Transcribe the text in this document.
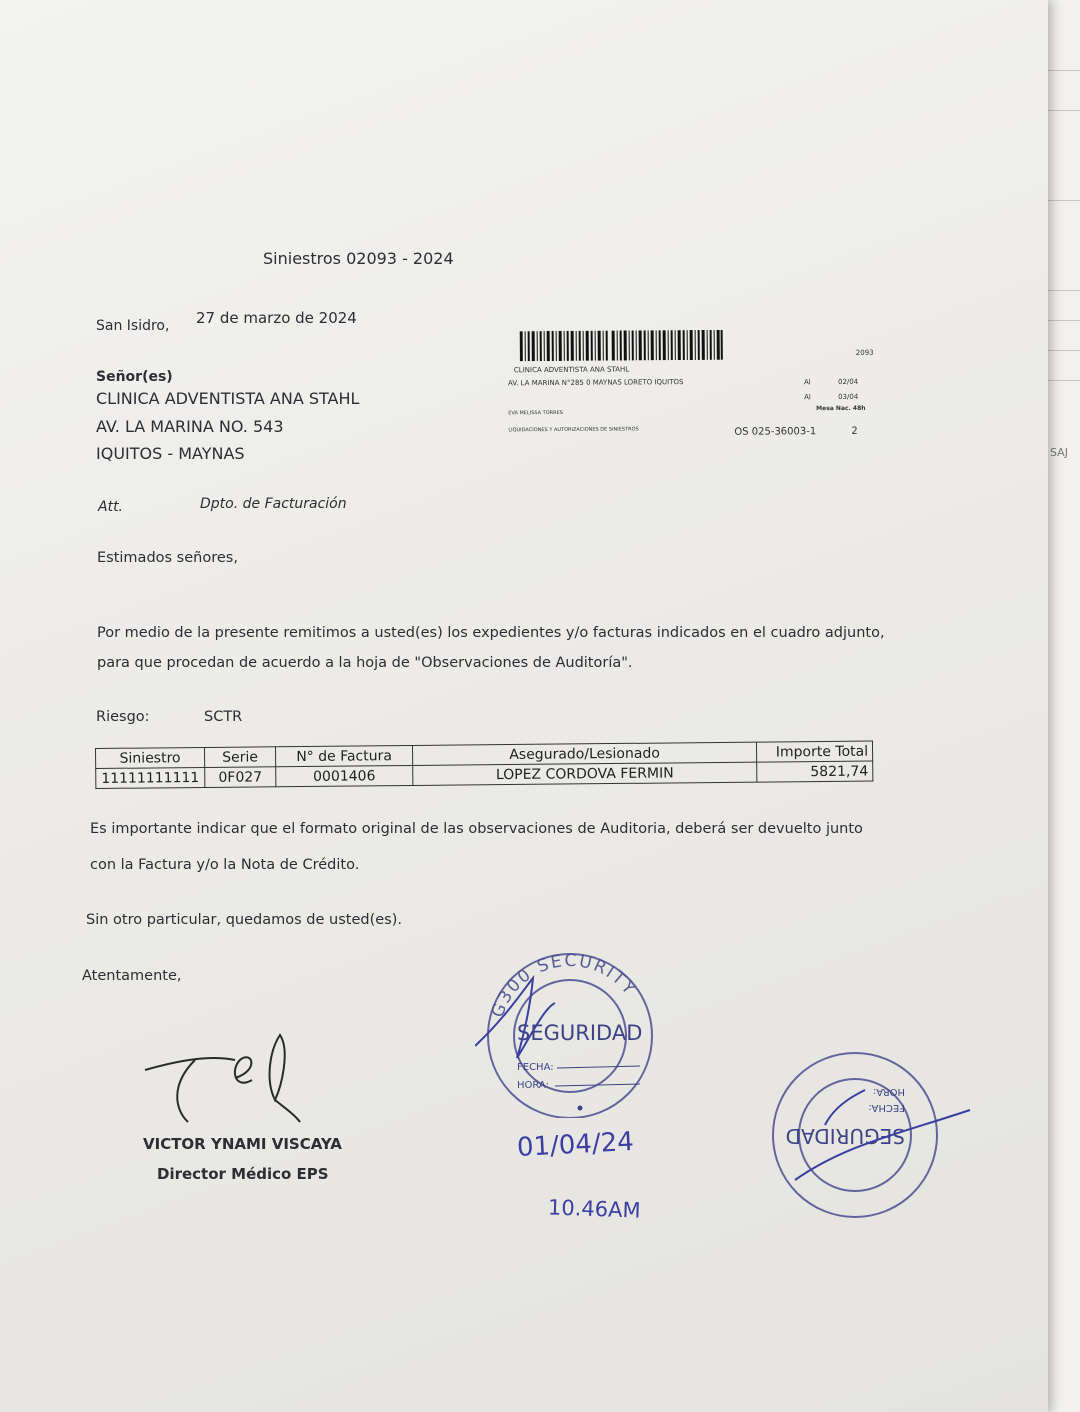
SAJ
Siniestros 02093 - 2024
San Isidro, 27 de marzo de 2024
Señor(es)
CLINICA ADVENTISTA ANA STAHL
AV. LA MARINA NO. 543
IQUITOS - MAYNAS
Att.	Dpto. de Facturación
Estimados señores,
Por medio de la presente remitimos a usted(es) los expedientes y/o facturas indicados en el cuadro adjunto,
para que procedan de acuerdo a la hoja de "Observaciones de Auditoría".
Riesgo:	SCTR
Siniestro	Serie	N° de Factura	Asegurado/Lesionado	Importe Total
11111111111	0F027	0001406	LOPEZ CORDOVA FERMIN	5821,74
Es importante indicar que el formato original de las observaciones de Auditoria, deberá ser devuelto junto
con la Factura y/o la Nota de Crédito.
Sin otro particular, quedamos de usted(es).
Atentamente,
VICTOR YNAMI VISCAYA
Director Médico EPS
CLINICA ADVENTISTA ANA STAHL
AV. LA MARINA N°285 0 MAYNAS LORETO IQUITOS
EVA MELISSA TORRES
LIQUIDACIONES Y AUTORIZACIONES DE SINIESTROS	OS 025-36003-1	2
2093
Al	02/04
Al	03/04
Mesa Nac. 48h
G300 SECURITY
SEGURIDAD
FECHA:
HORA:
01/04/24
10.46AM
SEGURIDAD
FECHA:
HORA:
